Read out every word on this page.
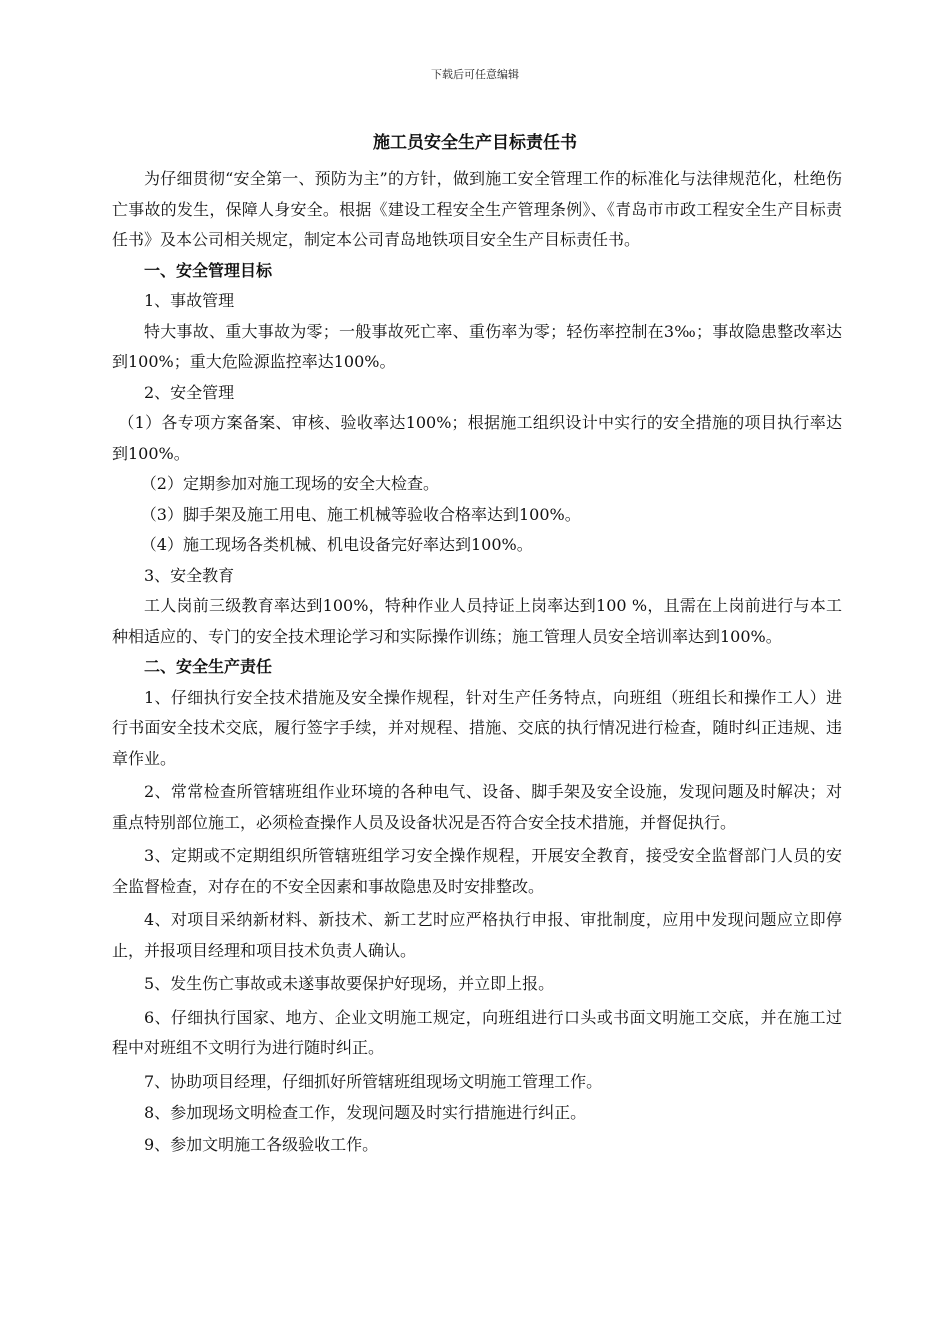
下载后可任意编辑
施工员安全生产目标责任书

为仔细贯彻“安全第一、预防为主”的方针，做到施工安全管理工作的标准化与法律规范化，杜绝伤亡事故的发生，保障人身安全。根据《建设工程安全生产管理条例》、《青岛市市政工程安全生产目标责任书》及本公司相关规定，制定本公司青岛地铁项目安全生产目标责任书。

一、安全管理目标

1、事故管理

特大事故、重大事故为零；一般事故死亡率、重伤率为零；轻伤率控制在3‰；事故隐患整改率达到100%；重大危险源监控率达100%。

2、安全管理

（1）各专项方案备案、审核、验收率达100%；根据施工组织设计中实行的安全措施的项目执行率达到100%。

（2）定期参加对施工现场的安全大检查。

（3）脚手架及施工用电、施工机械等验收合格率达到100%。

（4）施工现场各类机械、机电设备完好率达到100%。

3、安全教育

工人岗前三级教育率达到100%，特种作业人员持证上岗率达到100 %，且需在上岗前进行与本工种相适应的、专门的安全技术理论学习和实际操作训练；施工管理人员安全培训率达到100%。

二、安全生产责任

1、仔细执行安全技术措施及安全操作规程，针对生产任务特点，向班组（班组长和操作工人）进行书面安全技术交底，履行签字手续，并对规程、措施、交底的执行情况进行检查，随时纠正违规、违章作业。

2、常常检查所管辖班组作业环境的各种电气、设备、脚手架及安全设施，发现问题及时解决；对重点特别部位施工，必须检查操作人员及设备状况是否符合安全技术措施，并督促执行。

3、定期或不定期组织所管辖班组学习安全操作规程，开展安全教育，接受安全监督部门人员的安全监督检查，对存在的不安全因素和事故隐患及时安排整改。

4、对项目采纳新材料、新技术、新工艺时应严格执行申报、审批制度，应用中发现问题应立即停止，并报项目经理和项目技术负责人确认。

5、发生伤亡事故或未遂事故要保护好现场，并立即上报。

6、仔细执行国家、地方、企业文明施工规定，向班组进行口头或书面文明施工交底，并在施工过程中对班组不文明行为进行随时纠正。

7、协助项目经理，仔细抓好所管辖班组现场文明施工管理工作。

8、参加现场文明检查工作，发现问题及时实行措施进行纠正。

9、参加文明施工各级验收工作。
